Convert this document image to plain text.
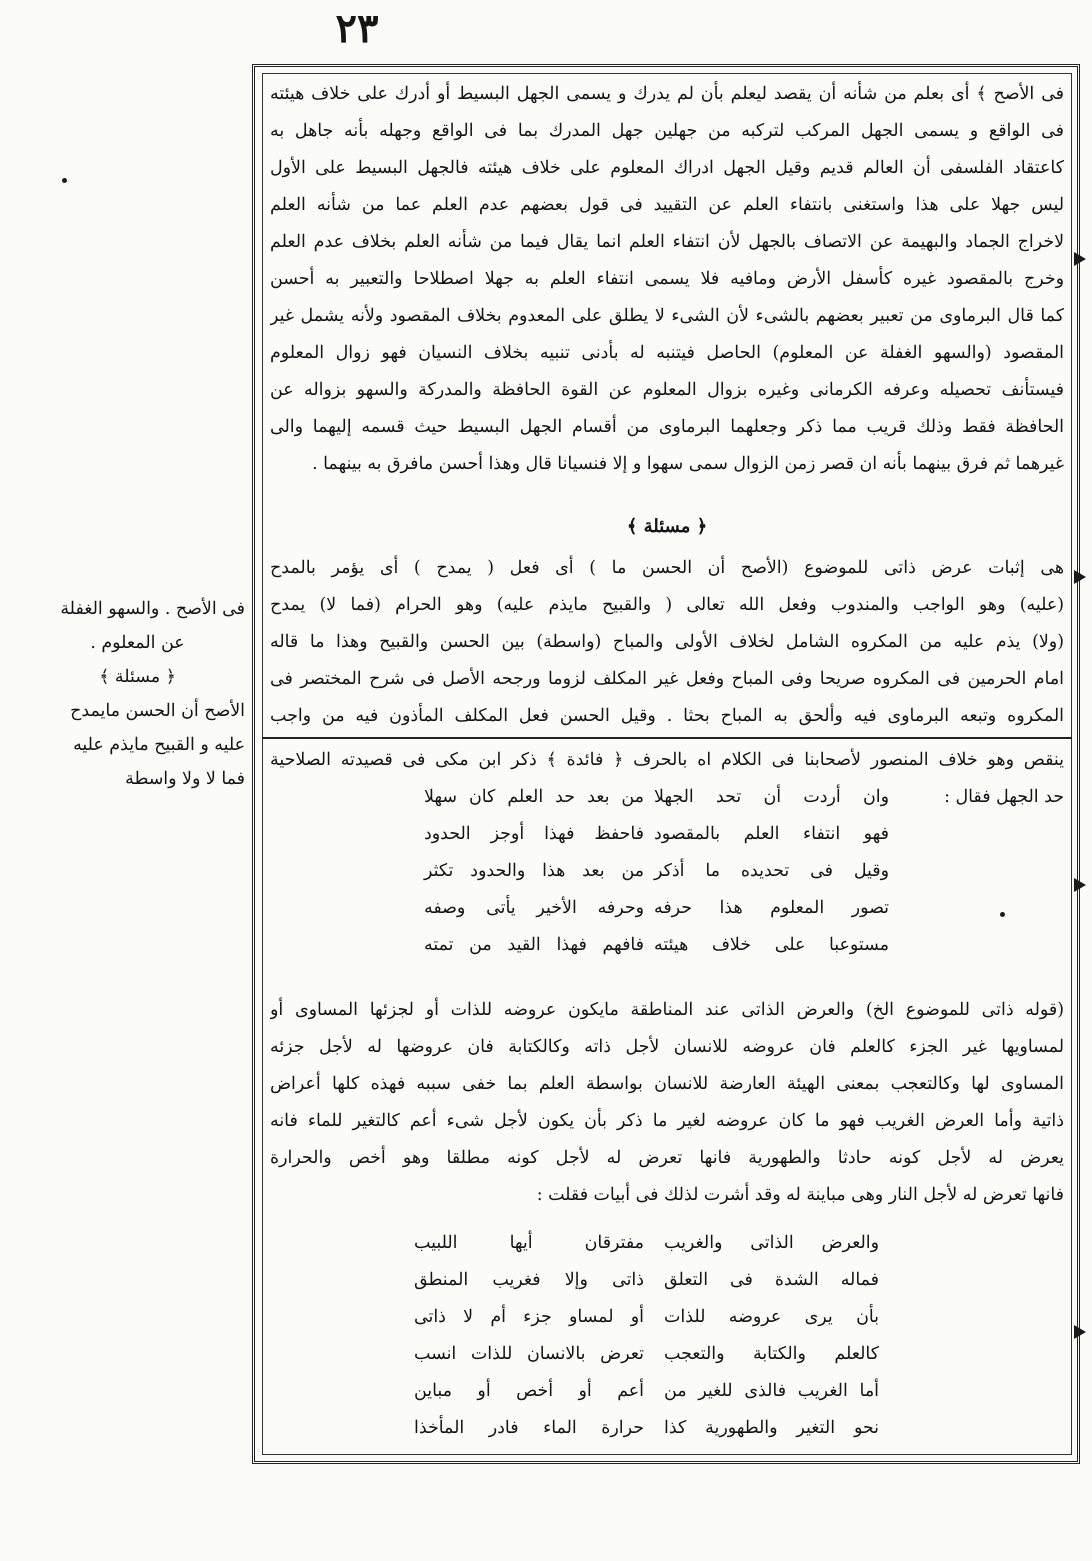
٢٣
فى الأصح ﴾ أى بعلم من شأنه أن يقصد ليعلم بأن لم يدرك و يسمى الجهل البسيط أو أدرك على خلاف هيئته
فى الواقع و يسمى الجهل المركب لتركبه من جهلين جهل المدرك بما فى الواقع وجهله بأنه جاهل به
كاعتقاد الفلسفى أن العالم قديم وقيل الجهل ادراك المعلوم على خلاف هيئته فالجهل البسيط على الأول
ليس جهلا على هذا واستغنى بانتفاء العلم عن التقييد فى قول بعضهم عدم العلم عما من شأنه العلم
لاخراج الجماد والبهيمة عن الاتصاف بالجهل لأن انتفاء العلم انما يقال فيما من شأنه العلم بخلاف عدم العلم
وخرج بالمقصود غيره كأسفل الأرض ومافيه فلا يسمى انتفاء العلم به جهلا اصطلاحا والتعبير به أحسن
كما قال البرماوى من تعبير بعضهم بالشىء لأن الشىء لا يطلق على المعدوم بخلاف المقصود ولأنه يشمل غير
المقصود (والسهو الغفلة عن المعلوم) الحاصل فيتنبه له بأدنى تنبيه بخلاف النسيان فهو زوال المعلوم
فيستأنف تحصيله وعرفه الكرمانى وغيره بزوال المعلوم عن القوة الحافظة والمدركة والسهو بزواله عن
الحافظة فقط وذلك قريب مما ذكر وجعلهما البرماوى من أقسام الجهل البسيط حيث قسمه إليهما والى
غيرهما ثم فرق بينهما بأنه ان قصر زمن الزوال سمى سهوا و إلا فنسيانا قال وهذا أحسن مافرق به بينهما .
﴿ مسئلة ﴾
هى إثبات عرض ذاتى للموضوع (الأصح أن الحسن ما ) أى فعل ( يمدح ) أى يؤمر بالمدح
(عليه) وهو الواجب والمندوب وفعل الله تعالى ( والقبيح مايذم عليه) وهو الحرام (فما لا) يمدح
(ولا) يذم عليه من المكروه الشامل لخلاف الأولى والمباح (واسطة) بين الحسن والقبيح وهذا ما قاله
امام الحرمين فى المكروه صريحا وفى المباح وفعل غير المكلف لزوما ورجحه الأصل فى شرح المختصر فى
المكروه وتبعه البرماوى فيه وألحق به المباح بحثا . وقيل الحسن فعل المكلف المأذون فيه من واجب
ينقص وهو خلاف المنصور لأصحابنا فى الكلام اه بالحرف ﴿ فائدة ﴾ ذكر ابن مكى فى قصيدته الصلاحية
حد الجهل فقال :
وان أردت أن تحد الجهلا
من بعد حد العلم كان سهلا
فهو انتفاء العلم بالمقصود
فاحفظ فهذا أوجز الحدود
وقيل فى تحديده ما أذكر
من بعد هذا والحدود تكثر
تصور المعلوم هذا حرفه
وحرفه الأخير يأتى وصفه
مستوعبا على خلاف هيئته
فافهم فهذا القيد من تمته
(قوله ذاتى للموضوع الخ) والعرض الذاتى عند المناطقة مايكون عروضه للذات أو لجزئها المساوى أو
لمساويها غير الجزء كالعلم فان عروضه للانسان لأجل ذاته وكالكتابة فان عروضها له لأجل جزئه
المساوى لها وكالتعجب بمعنى الهيئة العارضة للانسان بواسطة العلم بما خفى سببه فهذه كلها أعراض
ذاتية وأما العرض الغريب فهو ما كان عروضه لغير ما ذكر بأن يكون لأجل شىء أعم كالتغير للماء فانه
يعرض له لأجل كونه حادثا والطهورية فانها تعرض له لأجل كونه مطلقا وهو أخص والحرارة
فانها تعرض له لأجل النار وهى مباينة له وقد أشرت لذلك فى أبيات فقلت :
والعرض الذاتى والغريب
مفترقان أيها اللبيب
فماله الشدة فى التعلق
ذاتى وإلا فغريب المنطق
بأن يرى عروضه للذات
أو لمساو جزء أم لا ذاتى
كالعلم والكتابة والتعجب
تعرض بالانسان للذات انسب
أما الغريب فالذى للغير من
أعم أو أخص أو مباين
نحو التغير والطهورية كذا
حرارة الماء فادر المأخذا
فى الأصح . والسهو الغفلة
عن المعلوم .
﴿ مسئلة ﴾
الأصح أن الحسن مايمدح
عليه و القبيح مايذم عليه
فما لا ولا واسطة
